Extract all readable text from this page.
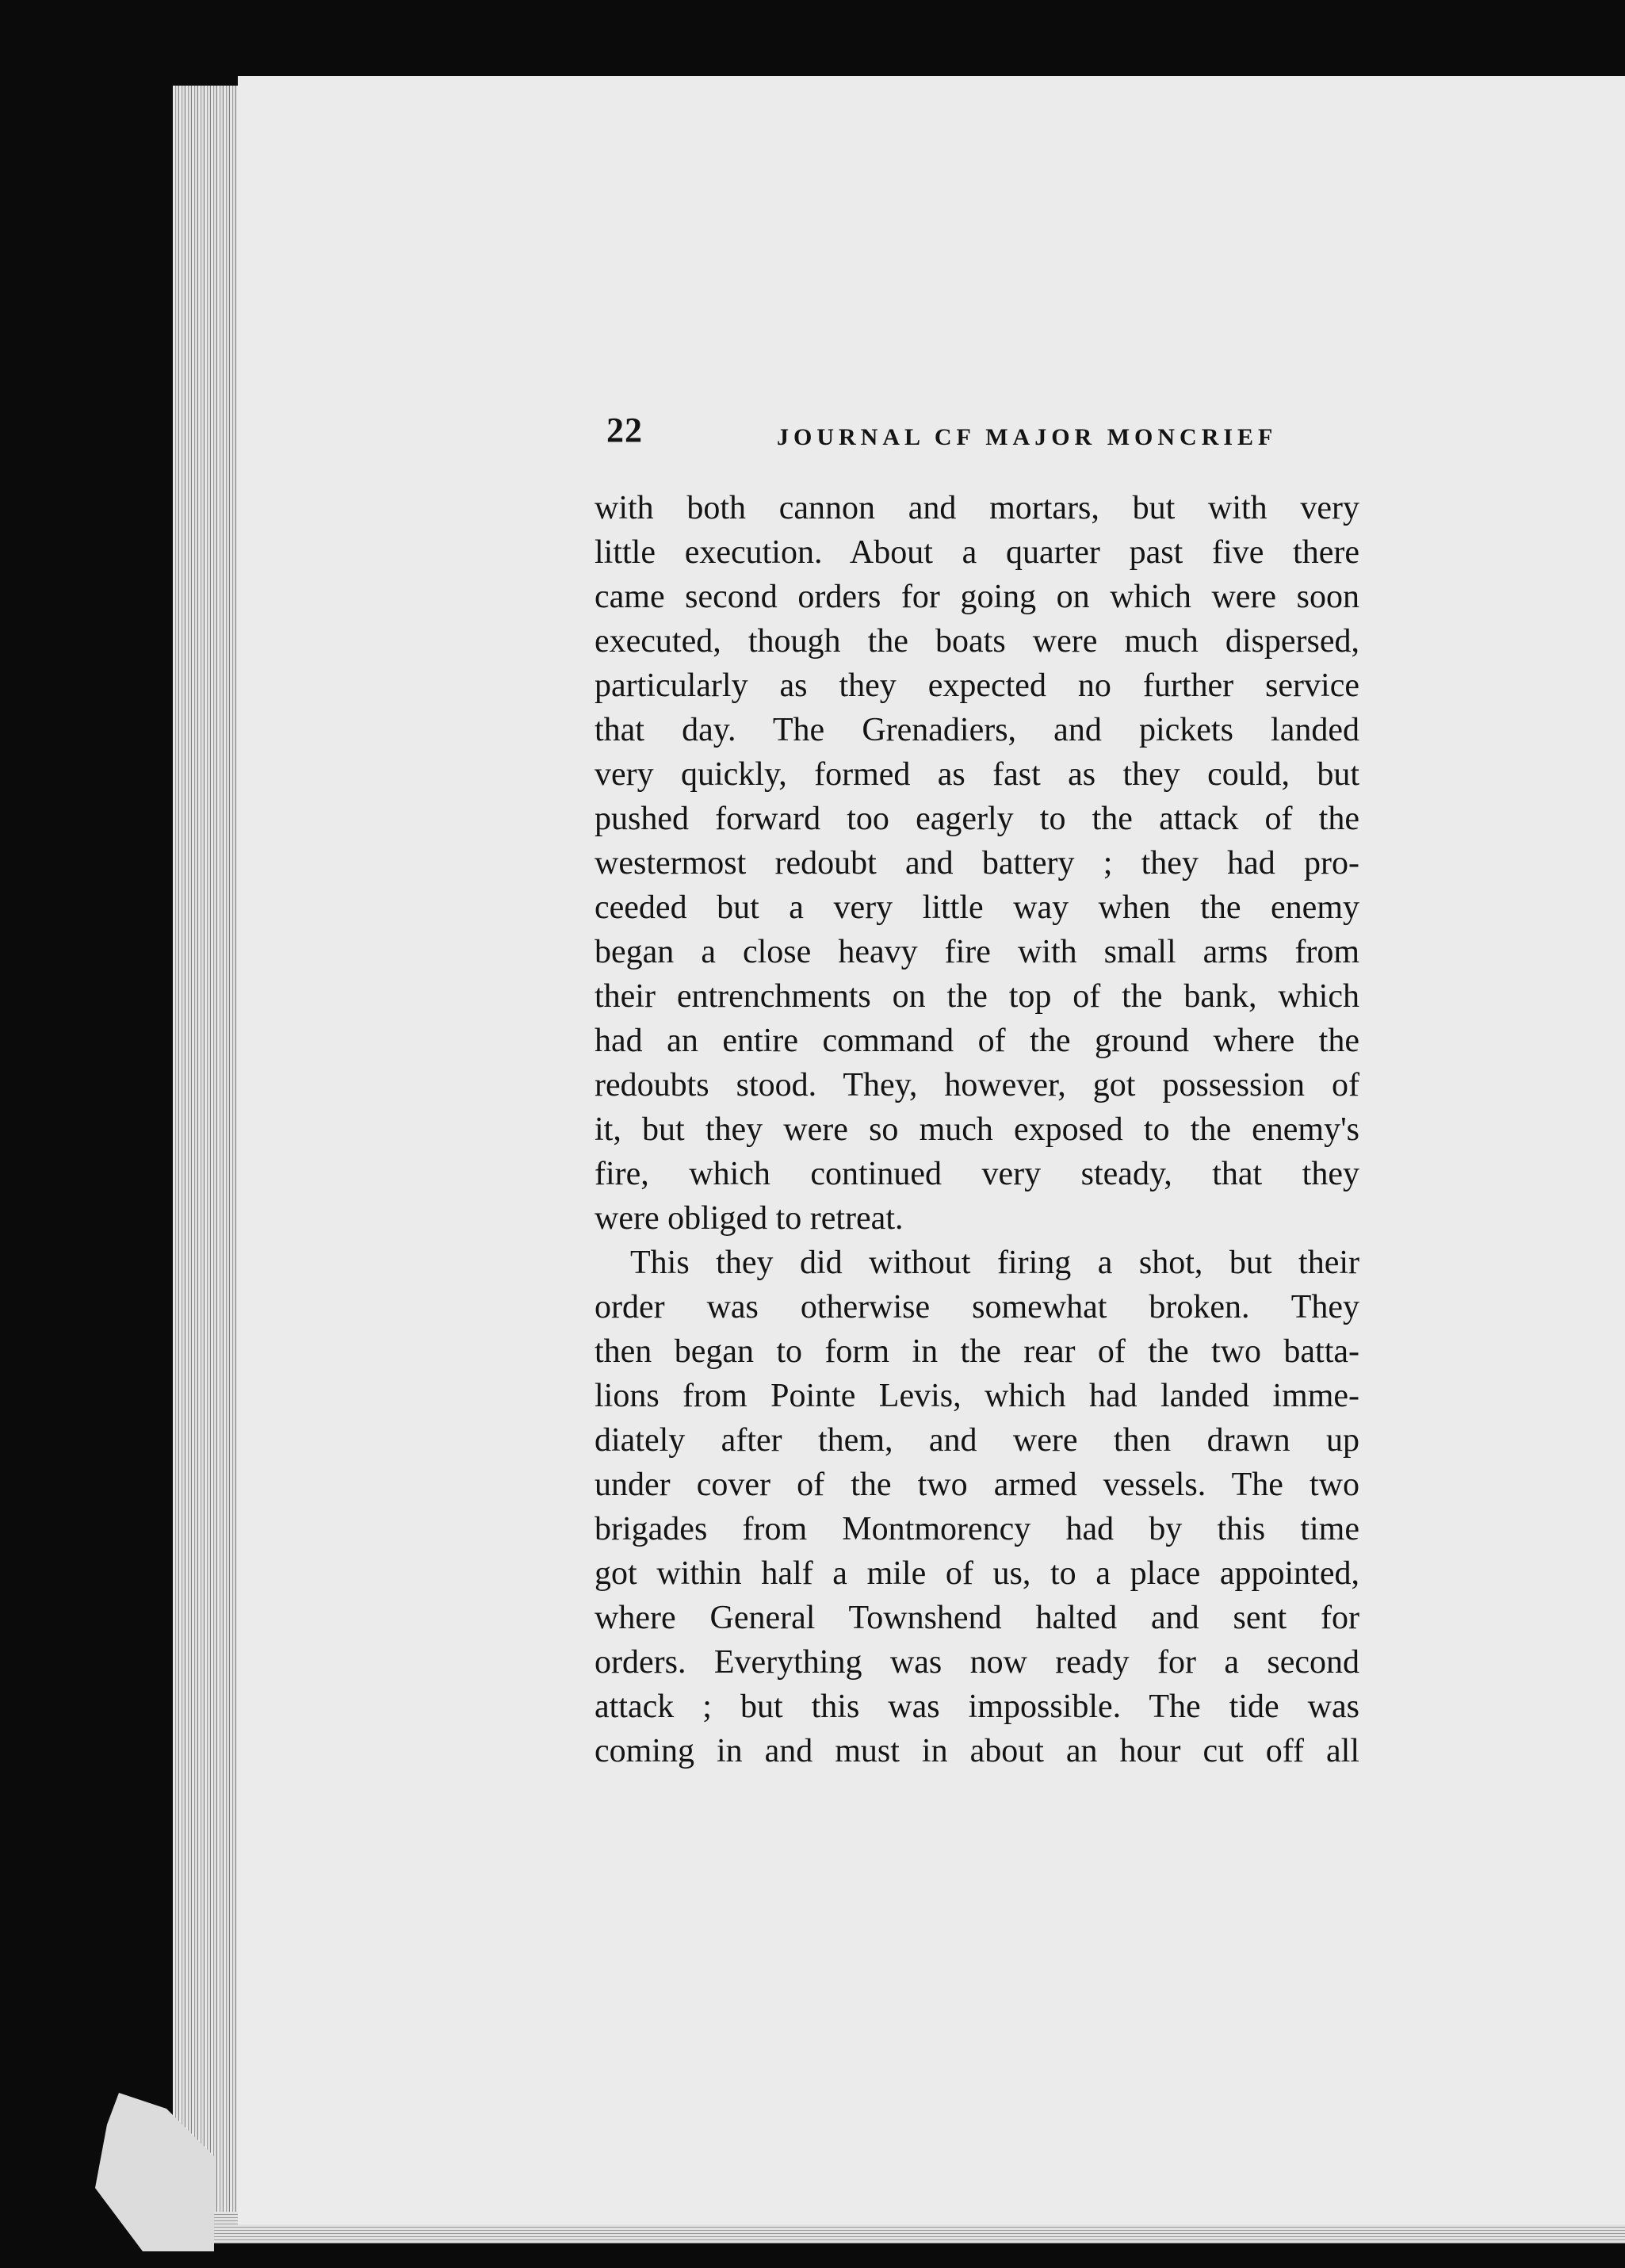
22	JOURNAL CF MAJOR MONCRIEF
with both cannon and mortars, but with very
little execution. About a quarter past five there
came second orders for going on which were soon
executed, though the boats were much dispersed,
particularly as they expected no further service
that day. The Grenadiers, and pickets landed
very quickly, formed as fast as they could, but
pushed forward too eagerly to the attack of the
westermost redoubt and battery ; they had pro-
ceeded but a very little way when the enemy
began a close heavy fire with small arms from
their entrenchments on the top of the bank, which
had an entire command of the ground where the
redoubts stood. They, however, got possession of
it, but they were so much exposed to the enemy's
fire, which continued very steady, that they
were obliged to retreat.
This they did without firing a shot, but their
order was otherwise somewhat broken. They
then began to form in the rear of the two batta-
lions from Pointe Levis, which had landed imme-
diately after them, and were then drawn up
under cover of the two armed vessels. The two
brigades from Montmorency had by this time
got within half a mile of us, to a place appointed,
where General Townshend halted and sent for
orders. Everything was now ready for a second
attack ; but this was impossible. The tide was
coming in and must in about an hour cut off all
